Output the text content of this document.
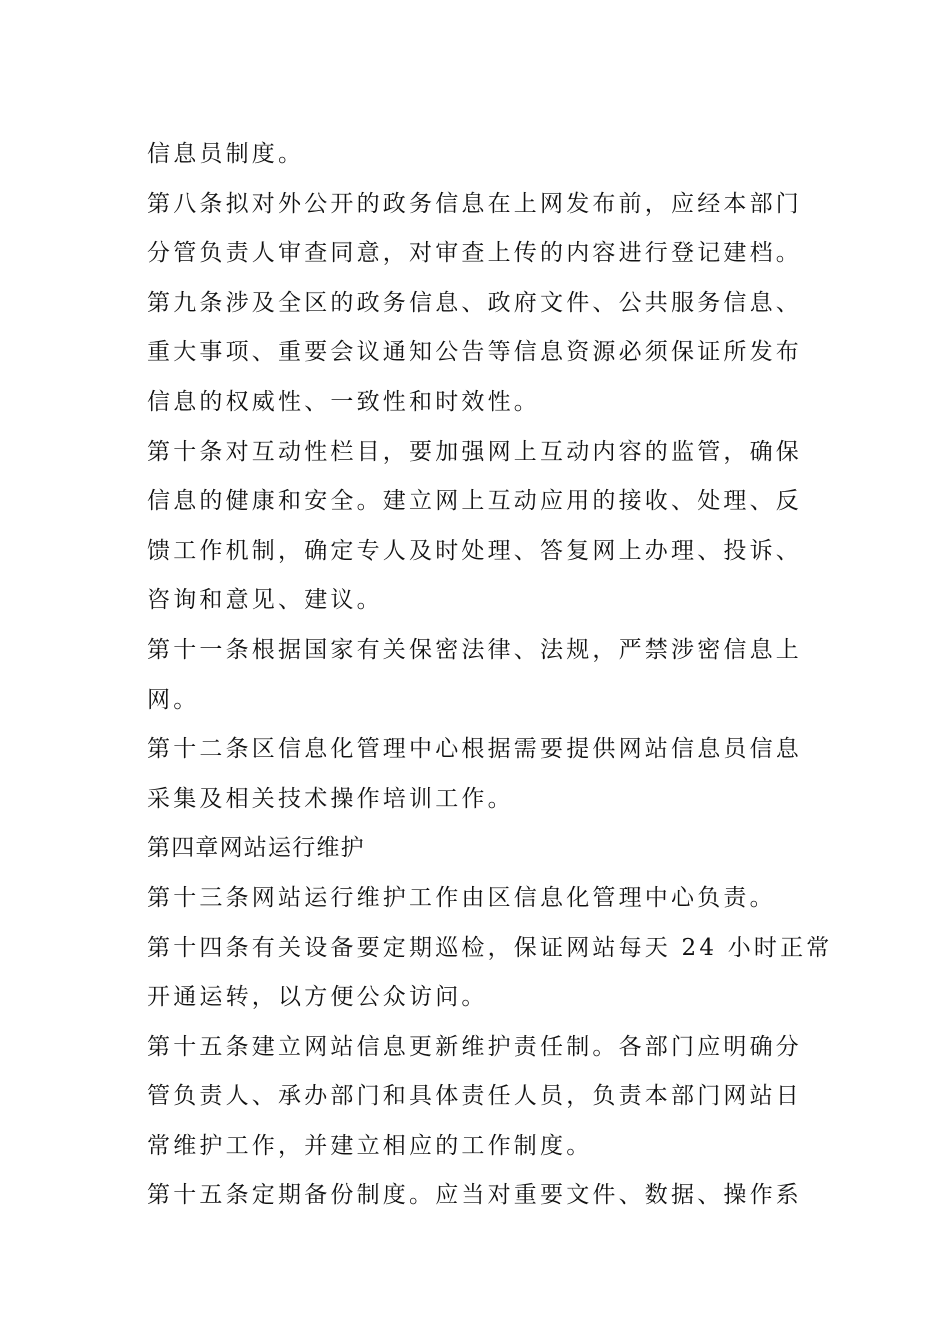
信息员制度。
第八条拟对外公开的政务信息在上网发布前，应经本部门
分管负责人审查同意，对审查上传的内容进行登记建档。
第九条涉及全区的政务信息、政府文件、公共服务信息、
重大事项、重要会议通知公告等信息资源必须保证所发布
信息的权威性、一致性和时效性。
第十条对互动性栏目，要加强网上互动内容的监管，确保
信息的健康和安全。建立网上互动应用的接收、处理、反
馈工作机制，确定专人及时处理、答复网上办理、投诉、
咨询和意见、建议。
第十一条根据国家有关保密法律、法规，严禁涉密信息上
网。
第十二条区信息化管理中心根据需要提供网站信息员信息
采集及相关技术操作培训工作。
第四章网站运行维护
第十三条网站运行维护工作由区信息化管理中心负责。
第十四条有关设备要定期巡检，保证网站每天 24 小时正常
开通运转，以方便公众访问。
第十五条建立网站信息更新维护责任制。各部门应明确分
管负责人、承办部门和具体责任人员，负责本部门网站日
常维护工作，并建立相应的工作制度。
第十五条定期备份制度。应当对重要文件、数据、操作系
